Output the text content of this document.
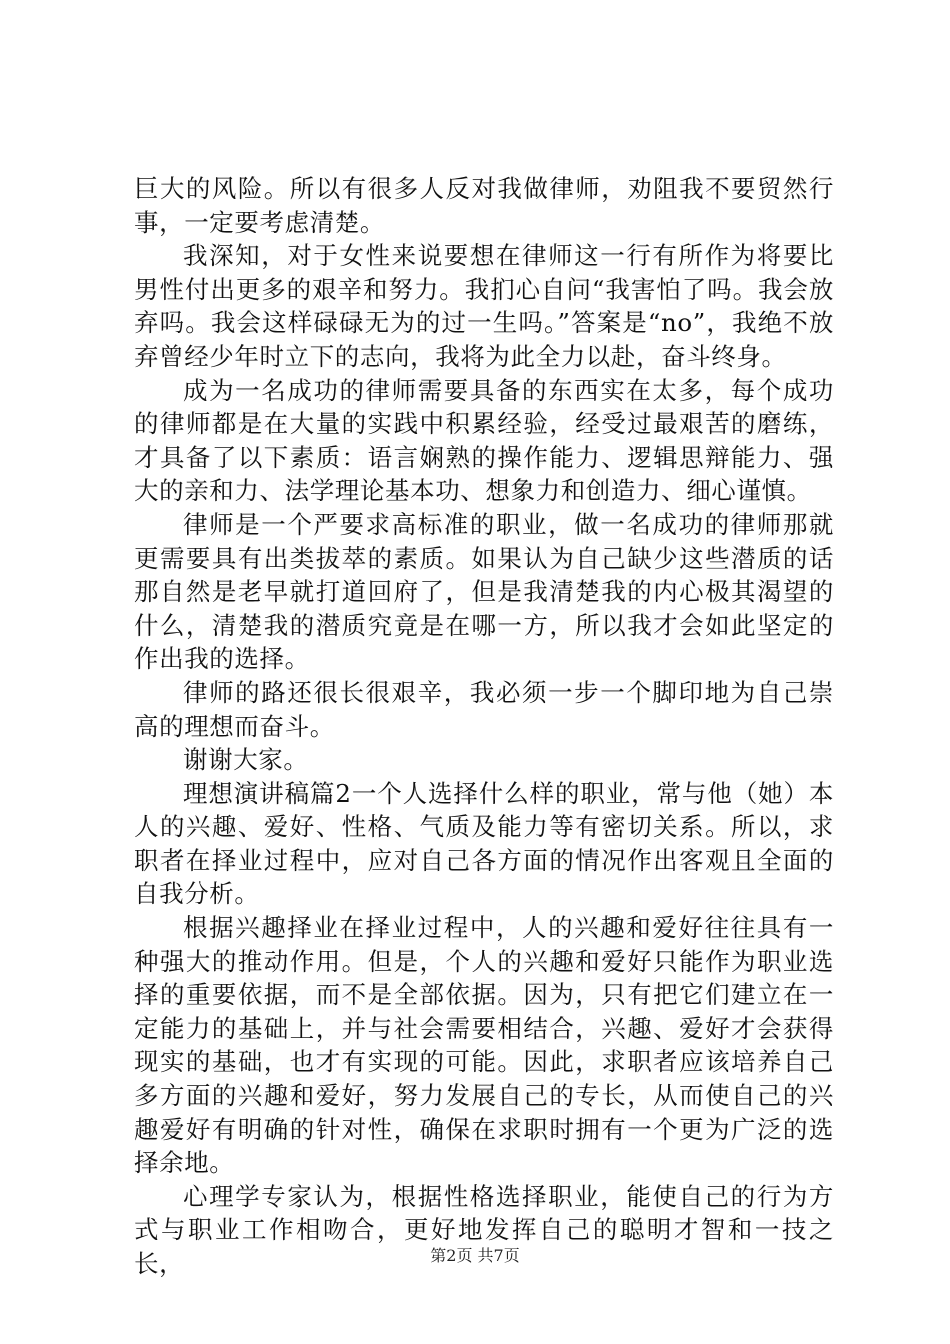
巨大的风险。所以有很多人反对我做律师，劝阻我不要贸然行事，一定要考虑清楚。

我深知，对于女性来说要想在律师这一行有所作为将要比男性付出更多的艰辛和努力。我扪心自问“我害怕了吗。我会放弃吗。我会这样碌碌无为的过一生吗。”答案是“no”，我绝不放弃曾经少年时立下的志向，我将为此全力以赴，奋斗终身。

成为一名成功的律师需要具备的东西实在太多，每个成功的律师都是在大量的实践中积累经验，经受过最艰苦的磨练，才具备了以下素质：语言娴熟的操作能力、逻辑思辩能力、强大的亲和力、法学理论基本功、想象力和创造力、细心谨慎。

律师是一个严要求高标准的职业，做一名成功的律师那就更需要具有出类拔萃的素质。如果认为自己缺少这些潜质的话那自然是老早就打道回府了，但是我清楚我的内心极其渴望的什么，清楚我的潜质究竟是在哪一方，所以我才会如此坚定的作出我的选择。

律师的路还很长很艰辛，我必须一步一个脚印地为自己崇高的理想而奋斗。

谢谢大家。

理想演讲稿篇2一个人选择什么样的职业，常与他（她）本人的兴趣、爱好、性格、气质及能力等有密切关系。所以，求职者在择业过程中，应对自己各方面的情况作出客观且全面的自我分析。

根据兴趣择业在择业过程中，人的兴趣和爱好往往具有一种强大的推动作用。但是，个人的兴趣和爱好只能作为职业选择的重要依据，而不是全部依据。因为，只有把它们建立在一定能力的基础上，并与社会需要相结合，兴趣、爱好才会获得现实的基础，也才有实现的可能。因此，求职者应该培养自己多方面的兴趣和爱好，努力发展自己的专长，从而使自己的兴趣爱好有明确的针对性，确保在求职时拥有一个更为广泛的选择余地。

心理学专家认为，根据性格选择职业，能使自己的行为方式与职业工作相吻合，更好地发挥自己的聪明才智和一技之长，	第2页 共7页
